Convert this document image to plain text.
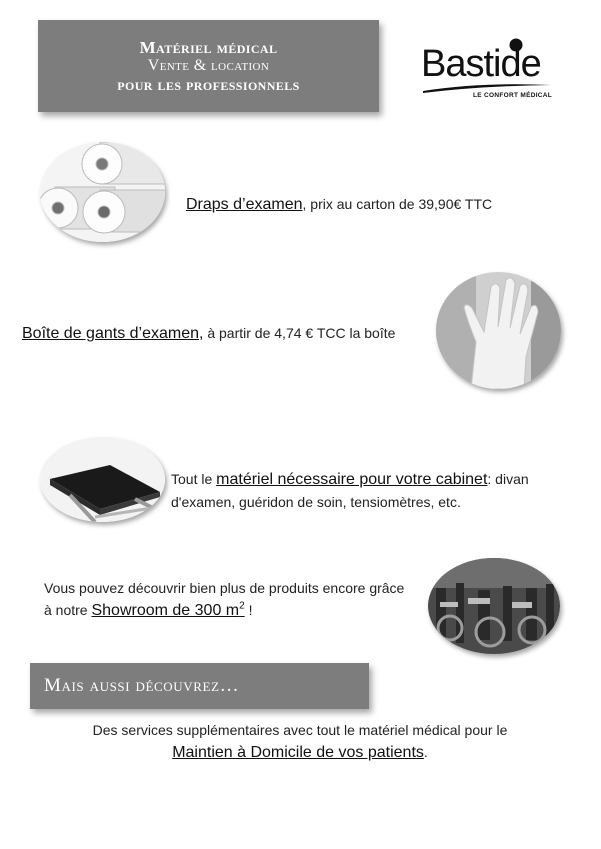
Matériel médical
Vente & location
pour les professionnels	Bastide
LE CONFORT MÉDICAL
Draps d’examen, prix au carton de 39,90€ TTC
Boîte de gants d’examen, à partir de 4,74 € TCC la boîte
Tout le matériel nécessaire pour votre cabinet: divan d'examen, guéridon de soin, tensiomètres, etc.
Vous pouvez découvrir bien plus de produits encore grâce à notre Showroom de 300 $m^2$ !
Mais aussi découvrez…
Des services supplémentaires avec tout le matériel médical pour le
Maintien à Domicile de vos patients.
